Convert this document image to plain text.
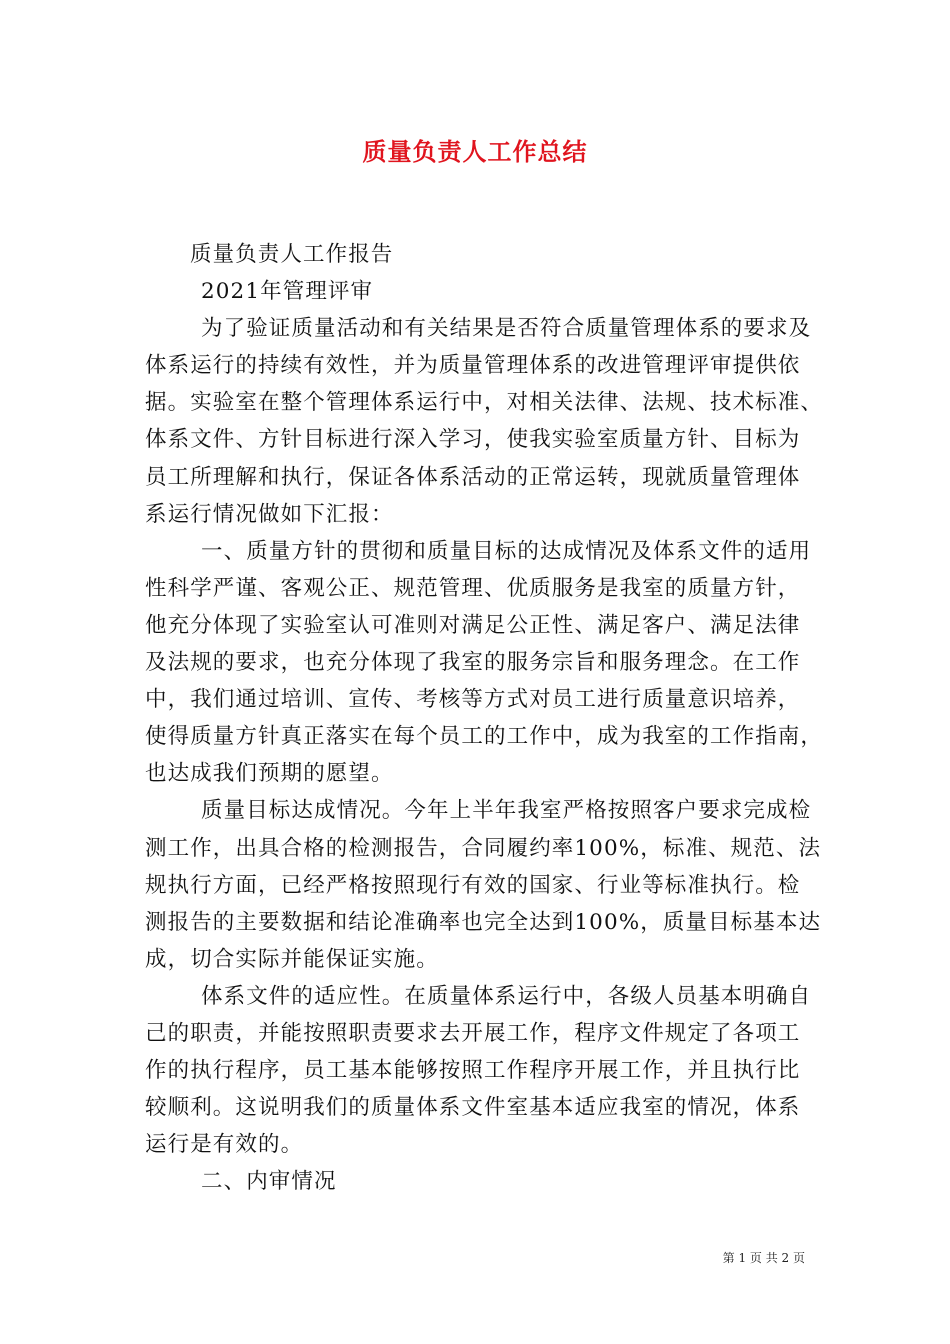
质量负责人工作总结
质量负责人工作报告
2021年管理评审
为了验证质量活动和有关结果是否符合质量管理体系的要求及
体系运行的持续有效性，并为质量管理体系的改进管理评审提供依
据。实验室在整个管理体系运行中，对相关法律、法规、技术标准、
体系文件、方针目标进行深入学习，使我实验室质量方针、目标为
员工所理解和执行，保证各体系活动的正常运转，现就质量管理体
系运行情况做如下汇报：
一、质量方针的贯彻和质量目标的达成情况及体系文件的适用
性科学严谨、客观公正、规范管理、优质服务是我室的质量方针，
他充分体现了实验室认可准则对满足公正性、满足客户、满足法律
及法规的要求，也充分体现了我室的服务宗旨和服务理念。在工作
中，我们通过培训、宣传、考核等方式对员工进行质量意识培养，
使得质量方针真正落实在每个员工的工作中，成为我室的工作指南，
也达成我们预期的愿望。
质量目标达成情况。今年上半年我室严格按照客户要求完成检
测工作，出具合格的检测报告，合同履约率100%，标准、规范、法
规执行方面，已经严格按照现行有效的国家、行业等标准执行。检
测报告的主要数据和结论准确率也完全达到100%，质量目标基本达
成，切合实际并能保证实施。
体系文件的适应性。在质量体系运行中，各级人员基本明确自
己的职责，并能按照职责要求去开展工作，程序文件规定了各项工
作的执行程序，员工基本能够按照工作程序开展工作，并且执行比
较顺利。这说明我们的质量体系文件室基本适应我室的情况，体系
运行是有效的。
二、内审情况
第 1 页 共 2 页
